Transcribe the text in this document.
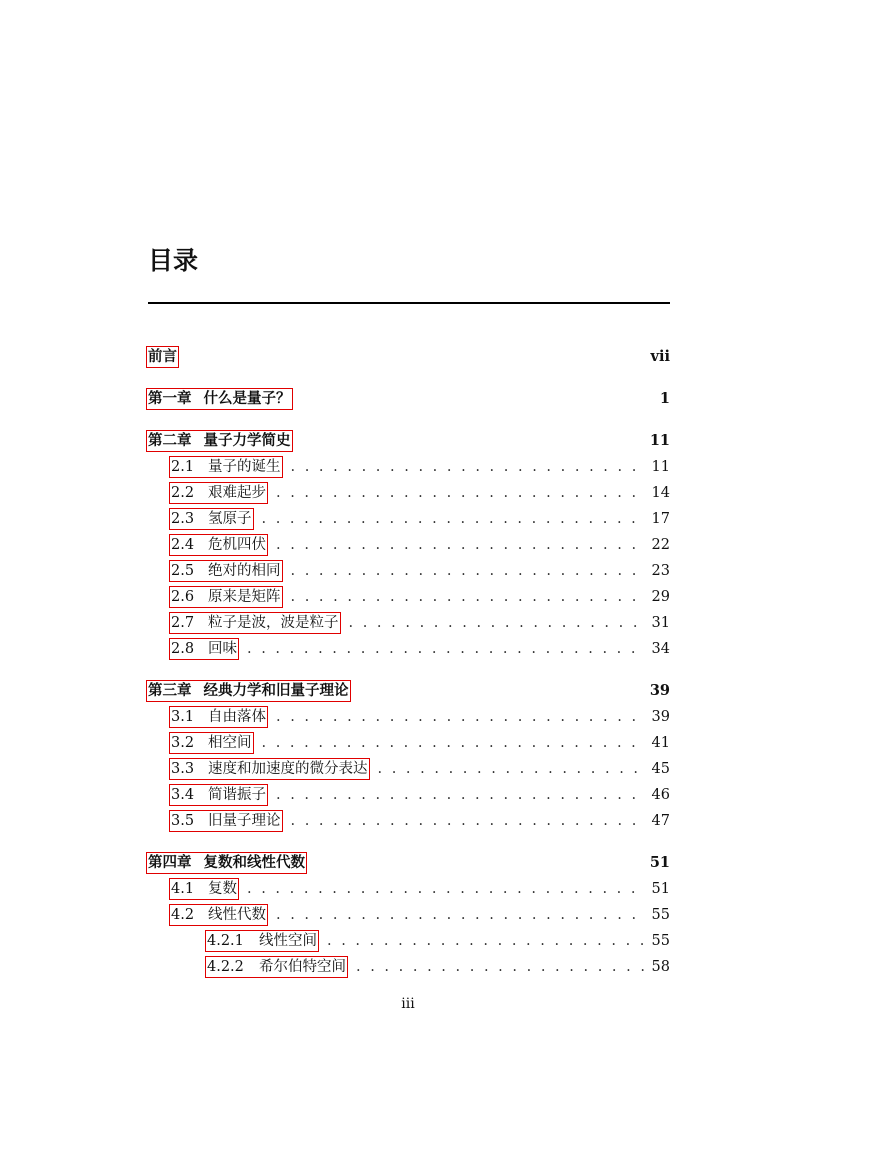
目录
前言	vii
第一章 什么是量子？	1
第二章 量子力学简史	11
2.1 量子的诞生 . . .	11
2.2 艰难起步 . . .	14
2.3 氢原子 . . .	17
2.4 危机四伏 . . .	22
2.5 绝对的相同 . . .	23
2.6 原来是矩阵 . . .	29
2.7 粒子是波，波是粒子 . . .	31
2.8 回味 . . .	34
第三章 经典力学和旧量子理论	39
3.1 自由落体 . . .	39
3.2 相空间 . . .	41
3.3 速度和加速度的微分表达 . . .	45
3.4 简谐振子 . . .	46
3.5 旧量子理论 . . .	47
第四章 复数和线性代数	51
4.1 复数 . . .	51
4.2 线性代数 . . .	55
4.2.1	线性空间 . . .	55
4.2.2	希尔伯特空间 . . .	58
iii
